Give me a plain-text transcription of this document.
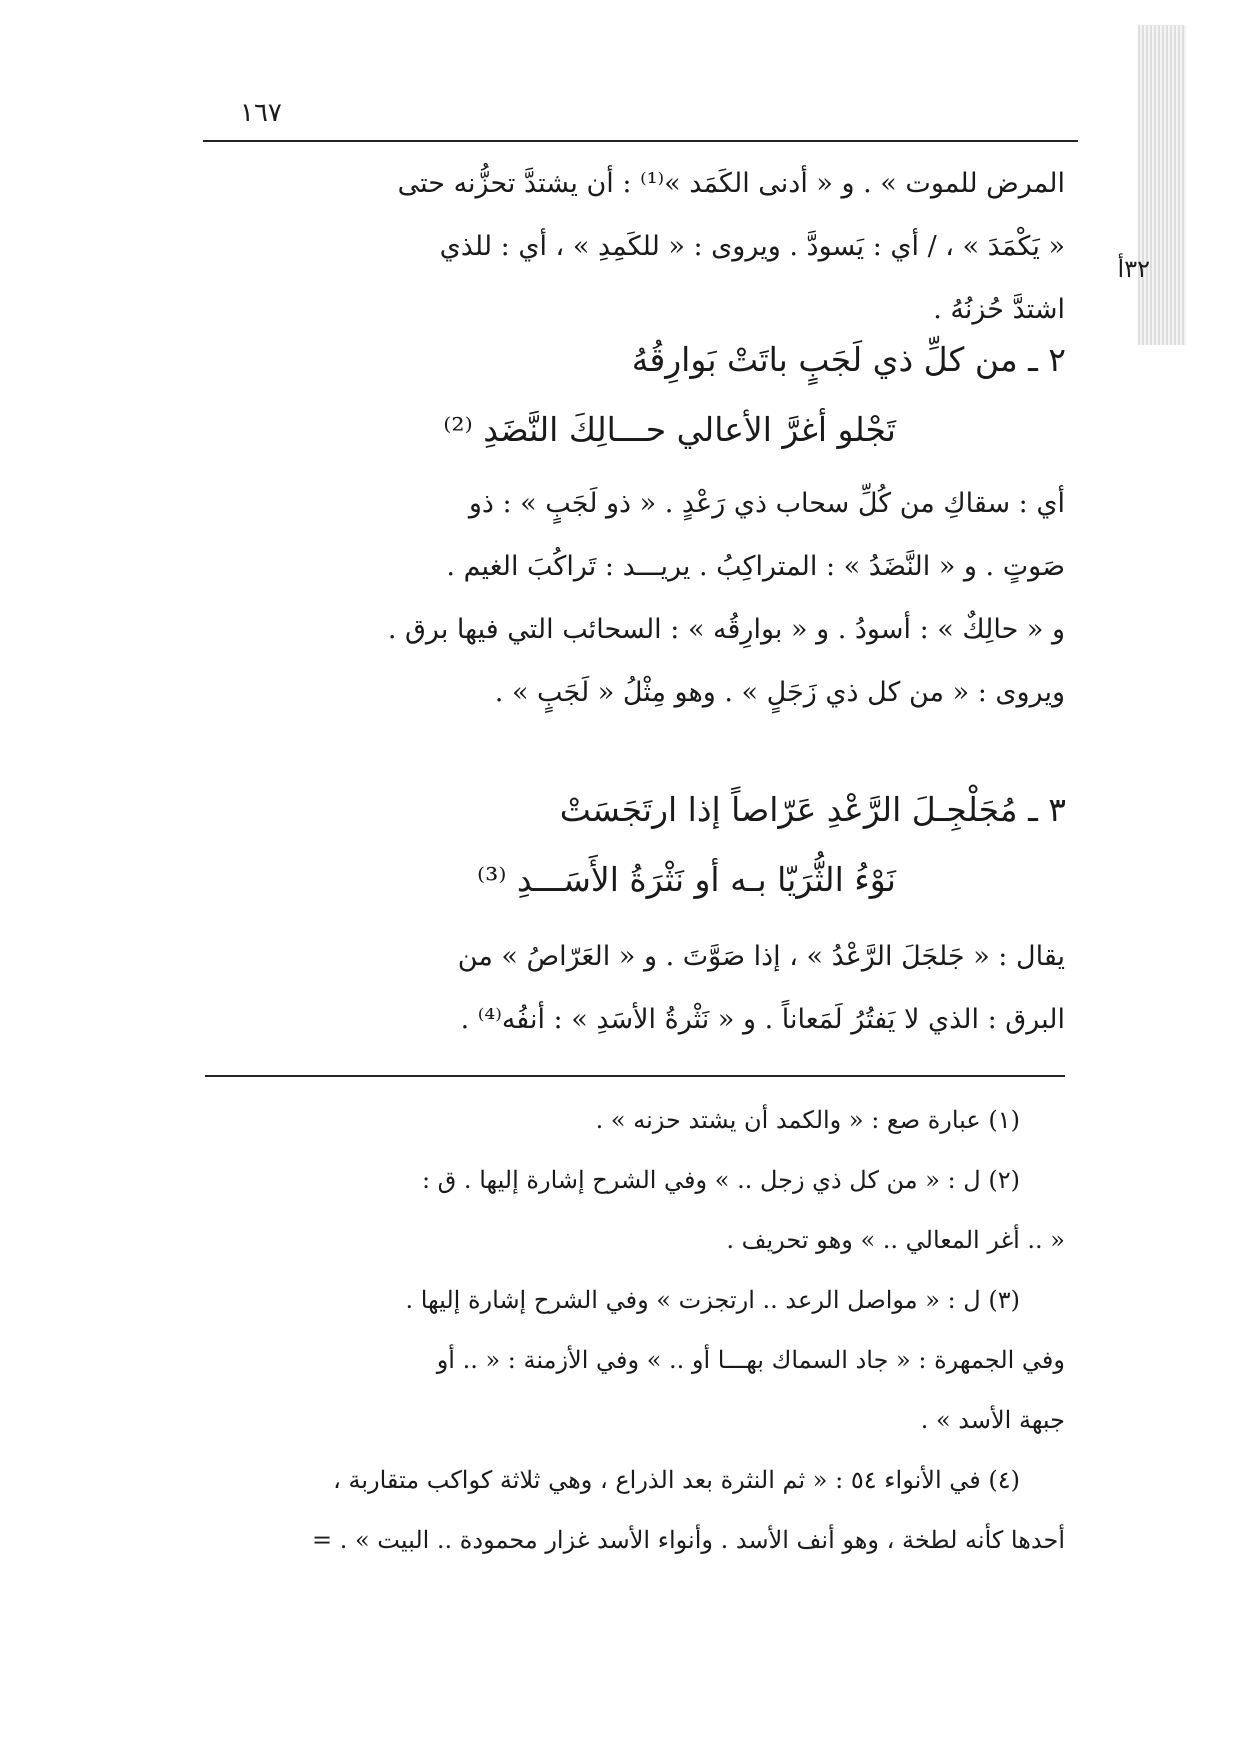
١٦٧
٣٢أ
المرض للموت » . و « أدنى الكَمَد »⁽¹⁾ : أن يشتدَّ تحزُّنه حتى
« يَكْمَدَ » ، / أي : يَسودَّ . ويروى : « للكَمِدِ » ، أي : للذي
اشتدَّ حُزنُهُ .
٢ ـ من كلِّ ذي لَجَبٍ باتَتْ بَوارِقُهُ
تَجْلو أغرَّ الأعالي حـــالِكَ النَّضَدِ ⁽²⁾
أي : سقاكِ من كُلِّ سحاب ذي رَعْدٍ . « ذو لَجَبٍ » : ذو
صَوتٍ . و « النَّضَدُ » : المتراكِبُ . يريـــد : تَراكُبَ الغيم .
و « حالِكٌ » : أسودُ . و « بوارِقُه » : السحائب التي فيها برق .
ويروى : « من كل ذي زَجَلٍ » . وهو مِثْلُ « لَجَبٍ » .
٣ ـ مُجَلْجِـلَ الرَّعْدِ عَرّاصاً إذا ارتَجَسَتْ
نَوْءُ الثُّرَيّا بـه أو نَثْرَةُ الأَسَـــدِ ⁽³⁾
يقال : « جَلجَلَ الرَّعْدُ » ، إذا صَوَّتَ . و « العَرّاصُ » من
البرق : الذي لا يَفتُرُ لَمَعاناً . و « نَثْرةُ الأسَدِ » : أنفُه⁽⁴⁾ .
(١) عبارة صع : « والكمد أن يشتد حزنه » .
(٢) ل : « من كل ذي زجل .. » وفي الشرح إشارة إليها . ق :
« .. أغر المعالي .. » وهو تحريف .
(٣) ل : « مواصل الرعد .. ارتجزت » وفي الشرح إشارة إليها .
وفي الجمهرة : « جاد السماك بهـــا أو .. » وفي الأزمنة : « .. أو
جبهة الأسد » .
(٤) في الأنواء ٥٤ : « ثم النثرة بعد الذراع ، وهي ثلاثة كواكب متقاربة ،
أحدها كأنه لطخة ، وهو أنف الأسد . وأنواء الأسد غزار محمودة .. البيت » . =
